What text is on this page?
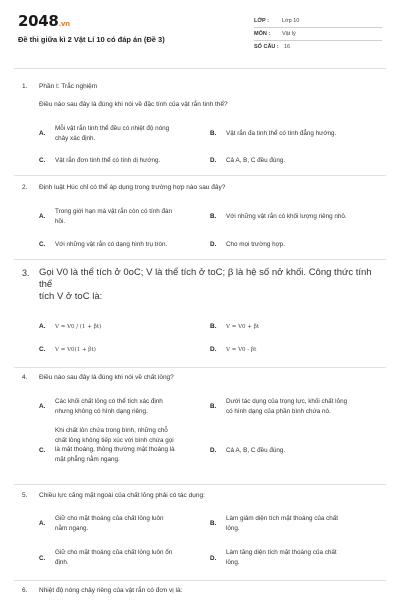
2048.vn
Đề thi giữa kì 2 Vật Lí 10 có đáp án (Đề 3)
LỚP : Lớp 10
MÔN : Vật lý
SỐ CÂU : 16
1. Phần I: Trắc nghiệm
Điều nào sau đây là đúng khi nói về đặc tính của vật rắn tinh thể?
A.
Mỗi vật rắn tinh thể đều có nhiệt độ nóng
chảy xác định.
B. Vật rắn đa tinh thể có tính đẳng hướng.
C. Vật rắn đơn tinh thể có tính dị hướng.	D. Cả A, B, C đều đúng.
2. Định luật Húc chỉ có thể áp dụng trong trường hợp nào sau đây?
A.
Trong giới hạn mà vật rắn còn có tính đàn
hồi.
B. Với những vật rắn có khối lượng riêng nhỏ.
C. Với những vật rắn có dạng hình trụ tròn.	D. Cho mọi trường hợp.
3. Gọi V0 là thể tích ở 0oC; V là thể tích ở toC; β là hệ số nở khối. Công thức tính thể
tích V ở toC là:
A. V = V0 / (1 + βt)	B. V = V0 + βt
C. V = V0(1 + βt)	D. V = V0 - βt
4. Điều nào sau đây là đúng khi nói về chất lỏng?
A.
Các khối chất lỏng có thể tích xác định
nhưng không có hình dạng riêng.
B.
Dưới tác dụng của trọng lực, khối chất lỏng
có hình dạng của phần bình chứa nó.
C.
Khi chất lỏn chứa trong bình, những chỗ
chất lỏng không tiếp xúc với bình chứa gọi
là mặt thoáng, thông thường mặt thoáng là
mặt phẳng nằm ngang.
D. Cả A, B, C đều đúng.
5. Chiều lực căng mặt ngoài của chất lỏng phải có tác dụng:
A.
Giữ cho mặt thoáng của chất lỏng luôn
nằm ngang.
B.
Làm giảm diện tích mặt thoáng của chất
lỏng.
C.
Giữ cho mặt thoáng của chất lỏng luôn ổn
định.	D.
Làm tăng diện tích mặt thoáng của chất
lỏng.
6. Nhiệt độ nóng chảy riêng của vật rắn có đơn vị là:
